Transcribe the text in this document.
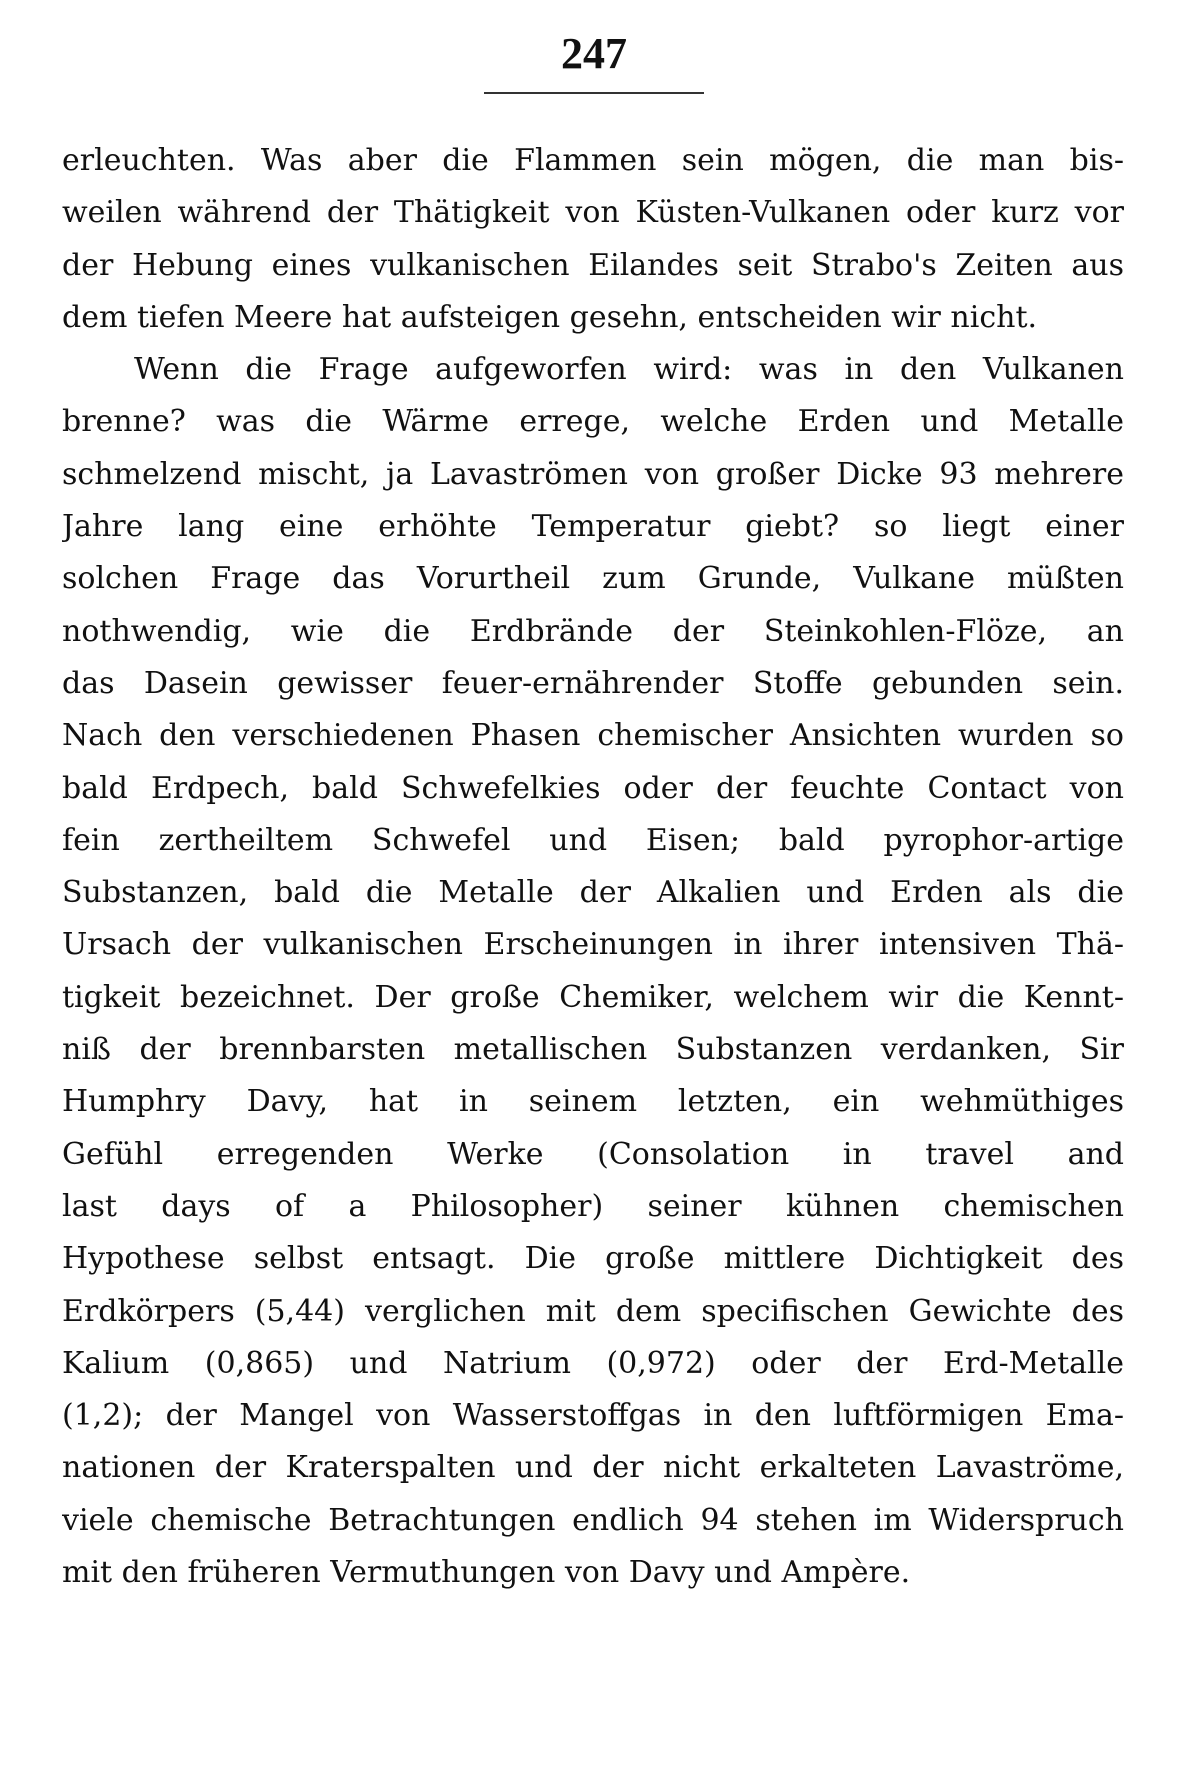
247
erleuchten. Was aber die Flammen sein mögen, die man bis-
weilen während der Thätigkeit von Küsten-Vulkanen oder kurz vor
der Hebung eines vulkanischen Eilandes seit Strabo's Zeiten aus
dem tiefen Meere hat aufsteigen gesehn, entscheiden wir nicht.
Wenn die Frage aufgeworfen wird: was in den Vulkanen
brenne? was die Wärme errege, welche Erden und Metalle
schmelzend mischt, ja Lavaströmen von großer Dicke 93 mehrere
Jahre lang eine erhöhte Temperatur giebt? so liegt einer
solchen Frage das Vorurtheil zum Grunde, Vulkane müßten
nothwendig, wie die Erdbrände der Steinkohlen-Flöze, an
das Dasein gewisser feuer-ernährender Stoffe gebunden sein.
Nach den verschiedenen Phasen chemischer Ansichten wurden so
bald Erdpech, bald Schwefelkies oder der feuchte Contact von
fein zertheiltem Schwefel und Eisen; bald pyrophor-artige
Substanzen, bald die Metalle der Alkalien und Erden als die
Ursach der vulkanischen Erscheinungen in ihrer intensiven Thä-
tigkeit bezeichnet. Der große Chemiker, welchem wir die Kennt-
niß der brennbarsten metallischen Substanzen verdanken, Sir
Humphry Davy, hat in seinem letzten, ein wehmüthiges
Gefühl erregenden Werke (Consolation in travel and
last days of a Philosopher) seiner kühnen chemischen
Hypothese selbst entsagt. Die große mittlere Dichtigkeit des
Erdkörpers (5,44) verglichen mit dem specifischen Gewichte des
Kalium (0,865) und Natrium (0,972) oder der Erd-Metalle
(1,2); der Mangel von Wasserstoffgas in den luftförmigen Ema-
nationen der Kraterspalten und der nicht erkalteten Lavaströme,
viele chemische Betrachtungen endlich 94 stehen im Widerspruch
mit den früheren Vermuthungen von Davy und Ampère.
